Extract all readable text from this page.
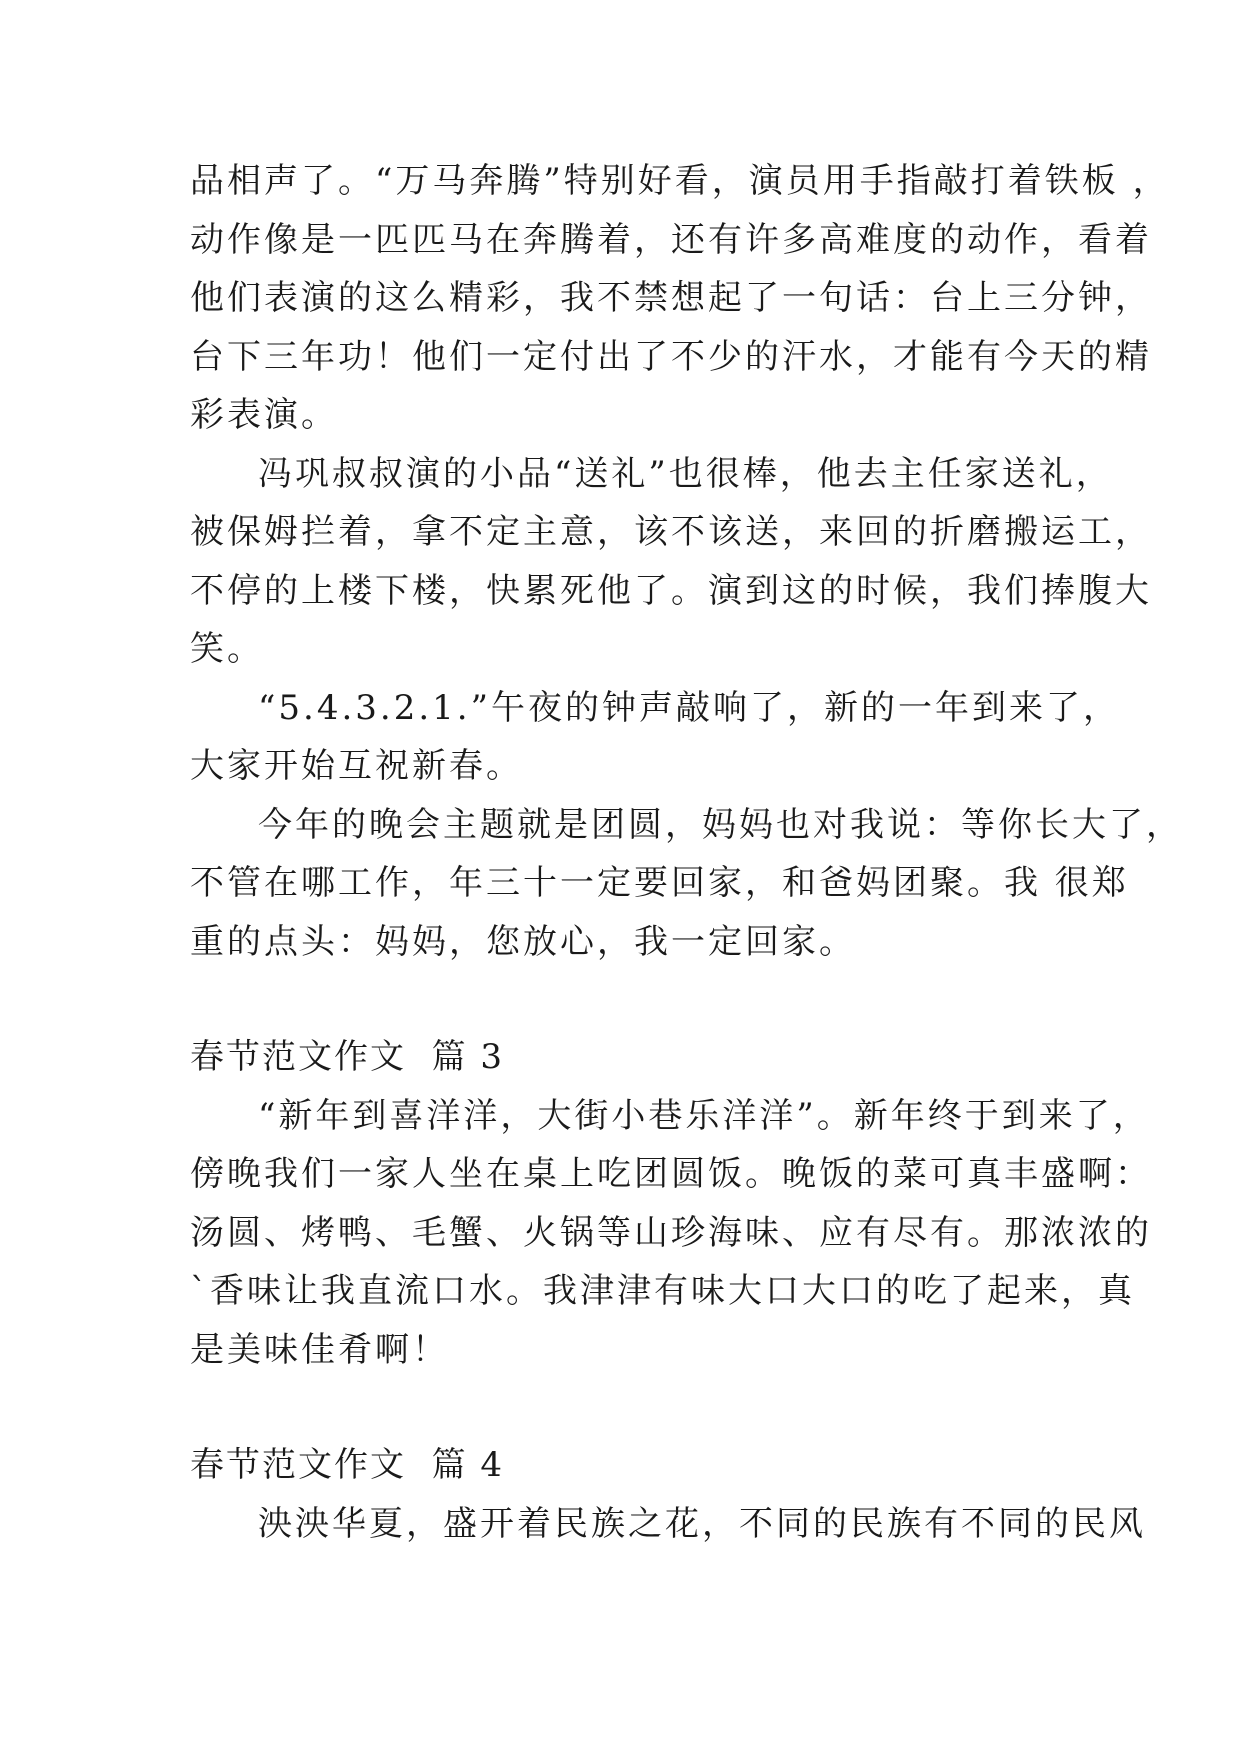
品相声了。“万马奔腾”特别好看，演员用手指敲打着铁板 ，
动作像是一匹匹马在奔腾着，还有许多高难度的动作，看着
他们表演的这么精彩，我不禁想起了一句话：台上三分钟，
台下三年功！他们一定付出了不少的汗水，才能有今天的精
彩表演。
冯巩叔叔演的小品“送礼”也很棒，他去主任家送礼，
被保姆拦着，拿不定主意，该不该送，来回的折磨搬运工，
不停的上楼下楼，快累死他了。演到这的时候，我们捧腹大
笑。
“5.4.3.2.1.”午夜的钟声敲响了，新的一年到来了，
大家开始互祝新春。
今年的晚会主题就是团圆，妈妈也对我说：等你长大了，
不管在哪工作，年三十一定要回家，和爸妈团聚。我 很郑
重的点头：妈妈，您放心，我一定回家。
春节范文作文  篇 3
“新年到喜洋洋，大街小巷乐洋洋”。新年终于到来了，
傍晚我们一家人坐在桌上吃团圆饭。晚饭的菜可真丰盛啊：
汤圆、烤鸭、毛蟹、火锅等山珍海味、应有尽有。那浓浓的
`香味让我直流口水。我津津有味大口大口的吃了起来，真
是美味佳肴啊！
春节范文作文  篇 4
泱泱华夏，盛开着民族之花，不同的民族有不同的民风
